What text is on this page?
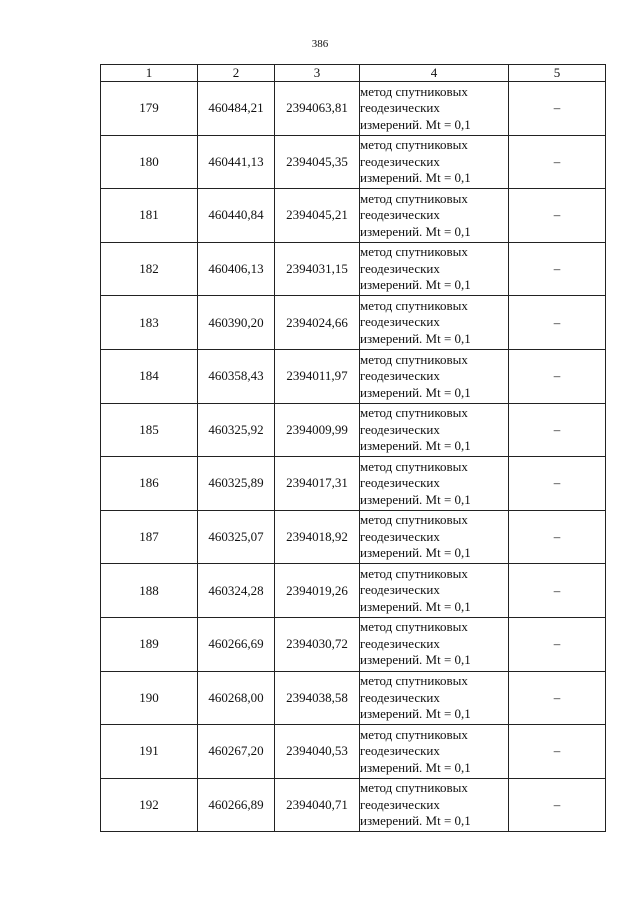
386
1	2	3	4	5
179	460484,21	2394063,81	метод спутниковых
геодезических
измерений. Mt = 0,1	–
180	460441,13	2394045,35	метод спутниковых
геодезических
измерений. Mt = 0,1	–
181	460440,84	2394045,21	метод спутниковых
геодезических
измерений. Mt = 0,1	–
182	460406,13	2394031,15	метод спутниковых
геодезических
измерений. Mt = 0,1	–
183	460390,20	2394024,66	метод спутниковых
геодезических
измерений. Mt = 0,1	–
184	460358,43	2394011,97	метод спутниковых
геодезических
измерений. Mt = 0,1	–
185	460325,92	2394009,99	метод спутниковых
геодезических
измерений. Mt = 0,1	–
186	460325,89	2394017,31	метод спутниковых
геодезических
измерений. Mt = 0,1	–
187	460325,07	2394018,92	метод спутниковых
геодезических
измерений. Mt = 0,1	–
188	460324,28	2394019,26	метод спутниковых
геодезических
измерений. Mt = 0,1	–
189	460266,69	2394030,72	метод спутниковых
геодезических
измерений. Mt = 0,1	–
190	460268,00	2394038,58	метод спутниковых
геодезических
измерений. Mt = 0,1	–
191	460267,20	2394040,53	метод спутниковых
геодезических
измерений. Mt = 0,1	–
192	460266,89	2394040,71	метод спутниковых
геодезических
измерений. Mt = 0,1	–
